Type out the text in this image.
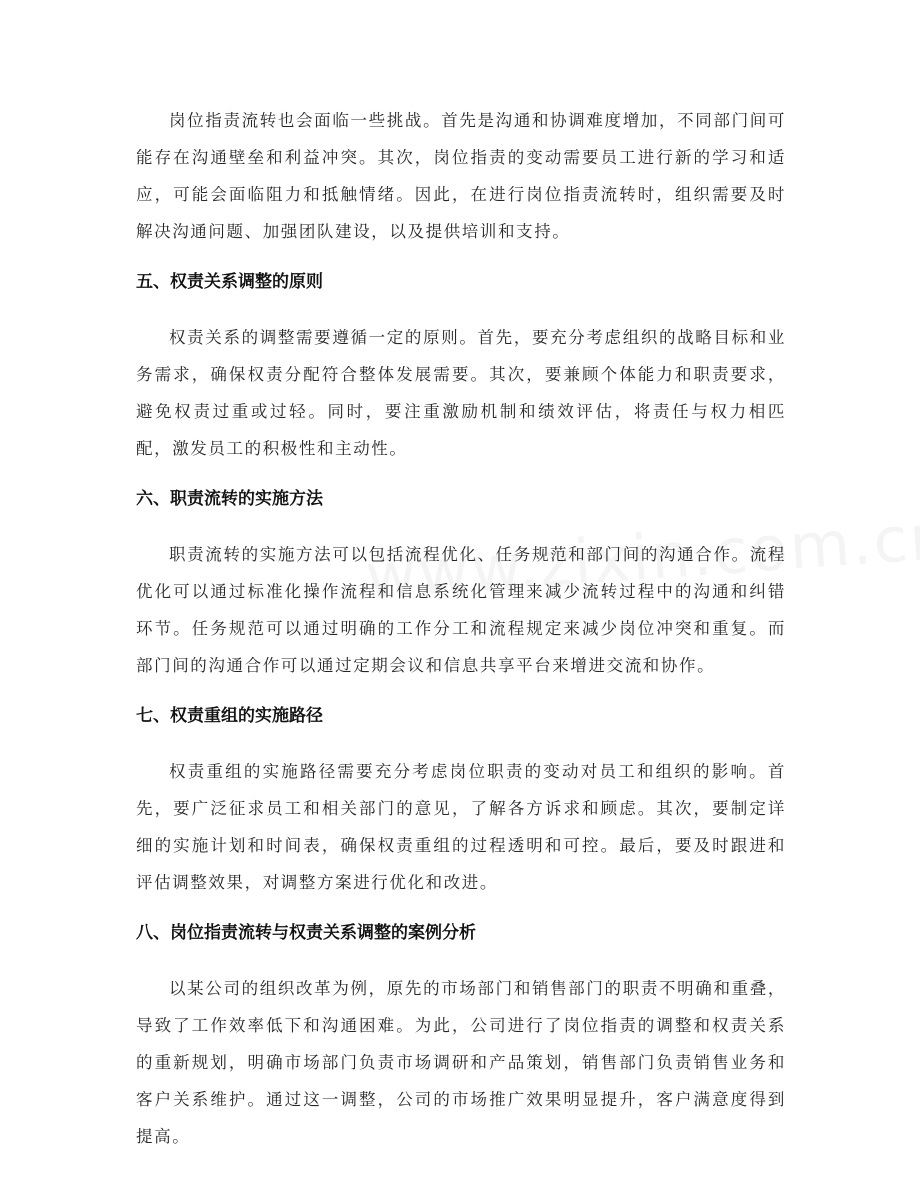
岗位指责流转也会面临一些挑战。首先是沟通和协调难度增加，不同部门间可能存在沟通壁垒和利益冲突。其次，岗位指责的变动需要员工进行新的学习和适应，可能会面临阻力和抵触情绪。因此，在进行岗位指责流转时，组织需要及时解决沟通问题、加强团队建设，以及提供培训和支持。

五、权责关系调整的原则

权责关系的调整需要遵循一定的原则。首先，要充分考虑组织的战略目标和业务需求，确保权责分配符合整体发展需要。其次，要兼顾个体能力和职责要求，避免权责过重或过轻。同时，要注重激励机制和绩效评估，将责任与权力相匹配，激发员工的积极性和主动性。

六、职责流转的实施方法

职责流转的实施方法可以包括流程优化、任务规范和部门间的沟通合作。流程优化可以通过标准化操作流程和信息系统化管理来减少流转过程中的沟通和纠错环节。任务规范可以通过明确的工作分工和流程规定来减少岗位冲突和重复。而部门间的沟通合作可以通过定期会议和信息共享平台来增进交流和协作。

七、权责重组的实施路径

权责重组的实施路径需要充分考虑岗位职责的变动对员工和组织的影响。首先，要广泛征求员工和相关部门的意见，了解各方诉求和顾虑。其次，要制定详细的实施计划和时间表，确保权责重组的过程透明和可控。最后，要及时跟进和评估调整效果，对调整方案进行优化和改进。

八、岗位指责流转与权责关系调整的案例分析

以某公司的组织改革为例，原先的市场部门和销售部门的职责不明确和重叠，导致了工作效率低下和沟通困难。为此，公司进行了岗位指责的调整和权责关系的重新规划，明确市场部门负责市场调研和产品策划，销售部门负责销售业务和客户关系维护。通过这一调整，公司的市场推广效果明显提升，客户满意度得到提高。
